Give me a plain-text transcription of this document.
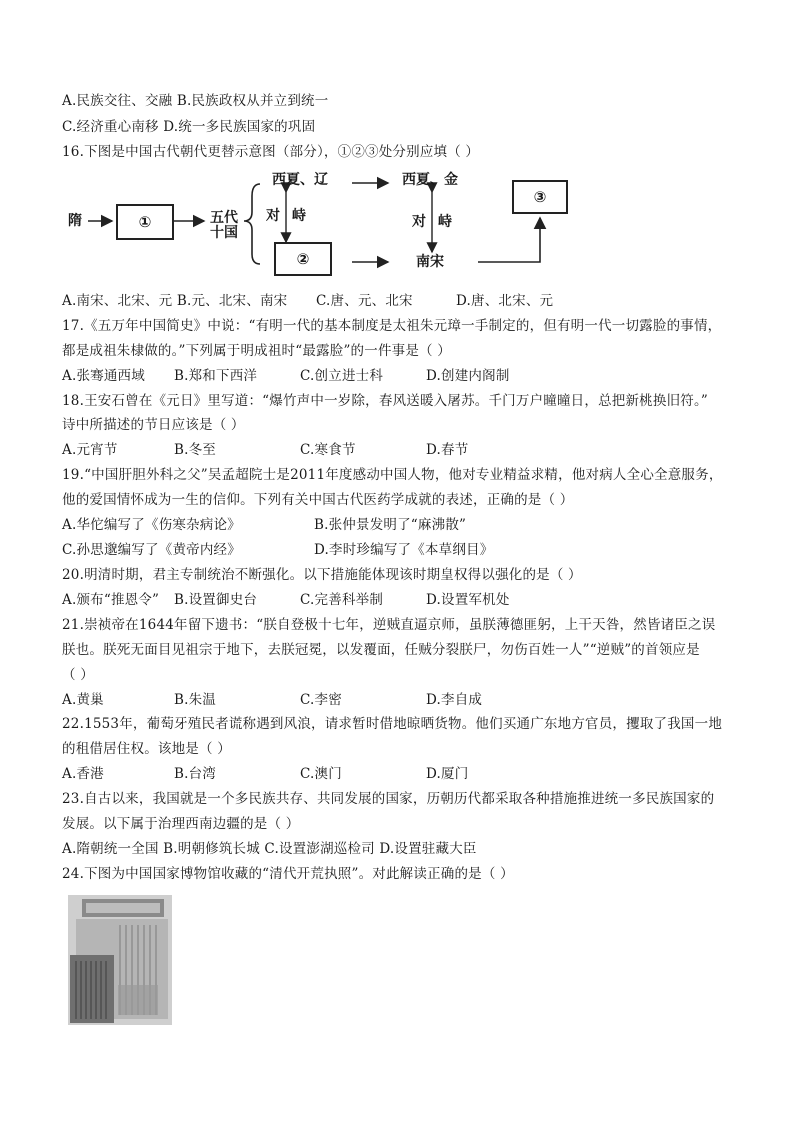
A.民族交往、交融 B.民族政权从并立到统一
C.经济重心南移 D.统一多民族国家的巩固
16.下图是中国古代朝代更替示意图（部分），①②③处分别应填（ ）
隋	①	五代
十国
西夏、辽
对 峙
②
西夏、金
对 峙
南宋
③
A.南宋、北宋、元 B.元、北宋、南宋 C.唐、元、北宋	D.唐、北宋、元
17.《五万年中国简史》中说：“有明一代的基本制度是太祖朱元璋一手制定的，但有明一代一切露脸的事情，
都是成祖朱棣做的。”下列属于明成祖时“最露脸”的一件事是（ ）
A.张骞通西域 B.郑和下西洋	C.创立进士科	D.创建内阁制
18.王安石曾在《元日》里写道：“爆竹声中一岁除，春风送暖入屠苏。千门万户曈曈日，总把新桃换旧符。”
诗中所描述的节日应该是（ ）
A.元宵节	B.冬至	C.寒食节	D.春节
19.“中国肝胆外科之父”吴孟超院士是2011年度感动中国人物，他对专业精益求精，他对病人全心全意服务，
他的爱国情怀成为一生的信仰。下列有关中国古代医药学成就的表述，正确的是（ ）
A.华佗编写了《伤寒杂病论》	B.张仲景发明了“麻沸散”
C.孙思邈编写了《黄帝内经》	D.李时珍编写了《本草纲目》
20.明清时期，君主专制统治不断强化。以下措施能体现该时期皇权得以强化的是（ ）
A.颁布“推恩令” B.设置御史台	C.完善科举制	D.设置军机处
21.崇祯帝在1644年留下遗书：“朕自登极十七年，逆贼直逼京师，虽朕薄德匪躬，上干天咎，然皆诸臣之误
朕也。朕死无面目见祖宗于地下，去朕冠冕，以发覆面，任贼分裂朕尸，勿伤百姓一人”“逆贼”的首领应是
（ ）
A.黄巢	B.朱温	C.李密	D.李自成
22.1553年，葡萄牙殖民者谎称遇到风浪，请求暂时借地晾晒货物。他们买通广东地方官员，攫取了我国一地
的租借居住权。该地是（ ）
A.香港	B.台湾	C.澳门	D.厦门
23.自古以来，我国就是一个多民族共存、共同发展的国家，历朝历代都采取各种措施推进统一多民族国家的
发展。以下属于治理西南边疆的是（ ）
A.隋朝统一全国 B.明朝修筑长城 C.设置澎湖巡检司 D.设置驻藏大臣
24.下图为中国国家博物馆收藏的“清代开荒执照”。对此解读正确的是（ ）
